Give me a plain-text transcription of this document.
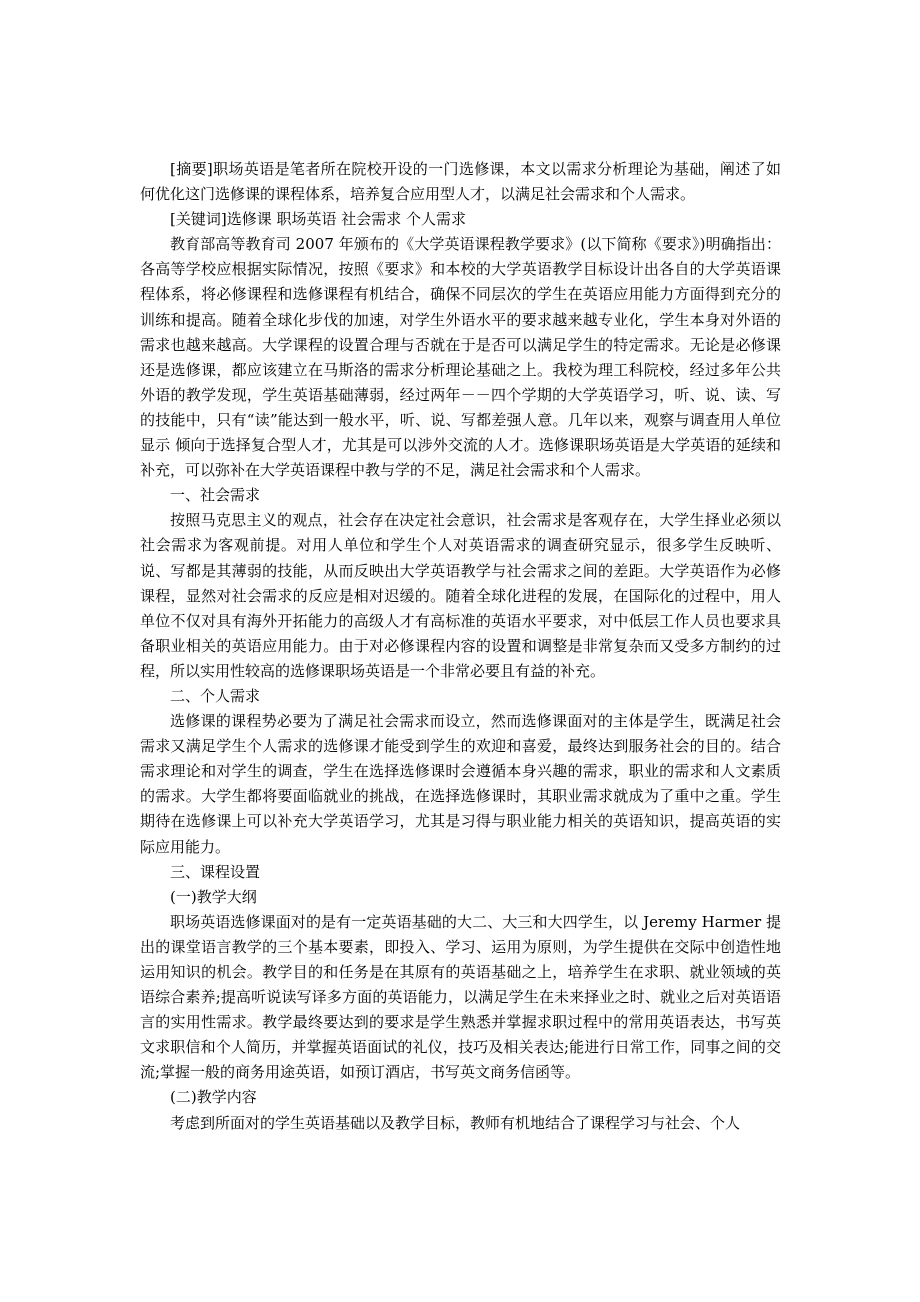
[摘要]职场英语是笔者所在院校开设的一门选修课，本文以需求分析理论为基础，阐述了如何优化这门选修课的课程体系，培养复合应用型人才，以满足社会需求和个人需求。

[关键词]选修课 职场英语 社会需求 个人需求

教育部高等教育司 2007 年颁布的《大学英语课程教学要求》(以下简称《要求》)明确指出：各高等学校应根据实际情况，按照《要求》和本校的大学英语教学目标设计出各自的大学英语课程体系，将必修课程和选修课程有机结合，确保不同层次的学生在英语应用能力方面得到充分的训练和提高。随着全球化步伐的加速，对学生外语水平的要求越来越专业化，学生本身对外语的需求也越来越高。大学课程的设置合理与否就在于是否可以满足学生的特定需求。无论是必修课还是选修课，都应该建立在马斯洛的需求分析理论基础之上。我校为理工科院校，经过多年公共外语的教学发现，学生英语基础薄弱，经过两年－－四个学期的大学英语学习，听、说、读、写的技能中，只有“读”能达到一般水平，听、说、写都差强人意。几年以来，观察与调查用人单位显示 倾向于选择复合型人才，尤其是可以涉外交流的人才。选修课职场英语是大学英语的延续和补充，可以弥补在大学英语课程中教与学的不足，满足社会需求和个人需求。

一、社会需求

按照马克思主义的观点，社会存在决定社会意识，社会需求是客观存在，大学生择业必须以社会需求为客观前提。对用人单位和学生个人对英语需求的调查研究显示，很多学生反映听、说、写都是其薄弱的技能，从而反映出大学英语教学与社会需求之间的差距。大学英语作为必修课程，显然对社会需求的反应是相对迟缓的。随着全球化进程的发展，在国际化的过程中，用人单位不仅对具有海外开拓能力的高级人才有高标准的英语水平要求，对中低层工作人员也要求具备职业相关的英语应用能力。由于对必修课程内容的设置和调整是非常复杂而又受多方制约的过程，所以实用性较高的选修课职场英语是一个非常必要且有益的补充。

二、个人需求

选修课的课程势必要为了满足社会需求而设立，然而选修课面对的主体是学生，既满足社会需求又满足学生个人需求的选修课才能受到学生的欢迎和喜爱，最终达到服务社会的目的。结合需求理论和对学生的调查，学生在选择选修课时会遵循本身兴趣的需求，职业的需求和人文素质的需求。大学生都将要面临就业的挑战，在选择选修课时，其职业需求就成为了重中之重。学生期待在选修课上可以补充大学英语学习，尤其是习得与职业能力相关的英语知识，提高英语的实际应用能力。

三、课程设置

(一)教学大纲

职场英语选修课面对的是有一定英语基础的大二、大三和大四学生，以 Jeremy Harmer 提出的课堂语言教学的三个基本要素，即投入、学习、运用为原则，为学生提供在交际中创造性地运用知识的机会。教学目的和任务是在其原有的英语基础之上，培养学生在求职、就业领域的英语综合素养;提高听说读写译多方面的英语能力，以满足学生在未来择业之时、就业之后对英语语言的实用性需求。教学最终要达到的要求是学生熟悉并掌握求职过程中的常用英语表达，书写英文求职信和个人简历，并掌握英语面试的礼仪，技巧及相关表达;能进行日常工作，同事之间的交流;掌握一般的商务用途英语，如预订酒店，书写英文商务信函等。

(二)教学内容

考虑到所面对的学生英语基础以及教学目标，教师有机地结合了课程学习与社会、个人
